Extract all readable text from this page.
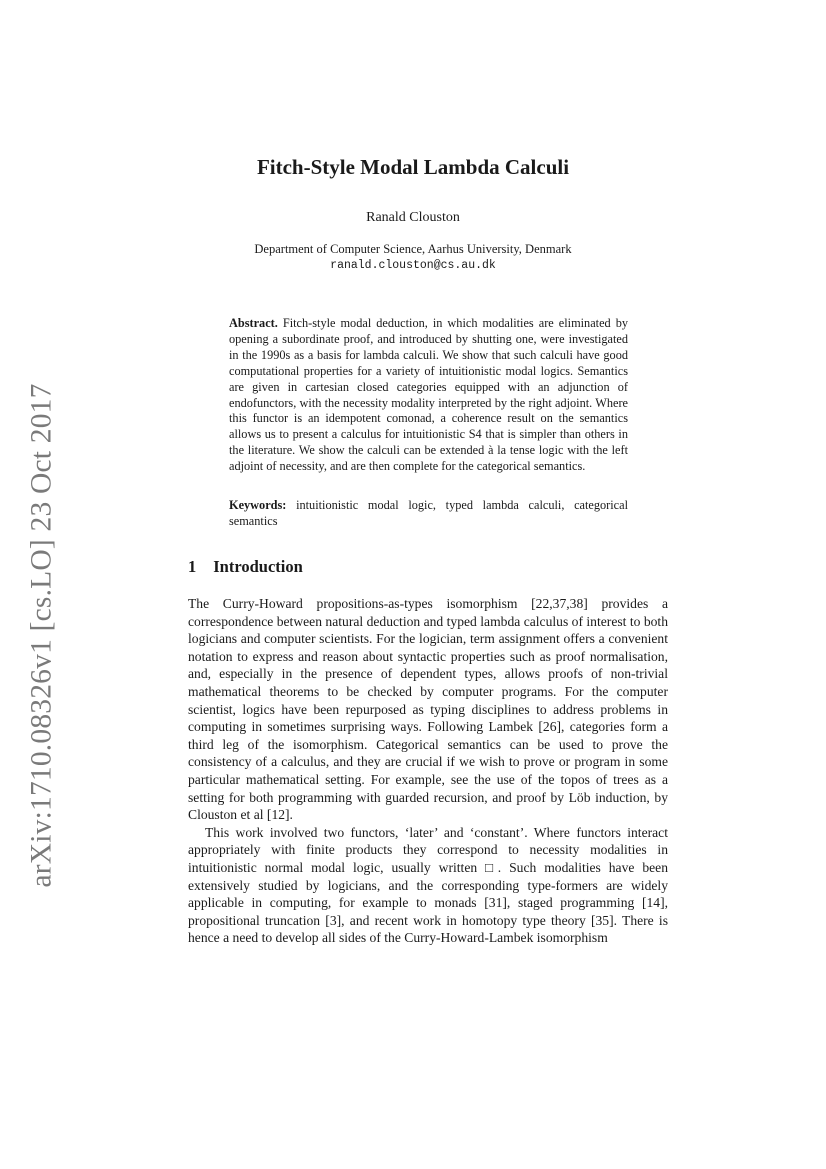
arXiv:1710.08326v1 [cs.LO] 23 Oct 2017
Fitch-Style Modal Lambda Calculi
Ranald Clouston
Department of Computer Science, Aarhus University, Denmark
ranald.clouston@cs.au.dk

Abstract. Fitch-style modal deduction, in which modalities are eliminated by opening a subordinate proof, and introduced by shutting one, were investigated in the 1990s as a basis for lambda calculi. We show that such calculi have good computational properties for a variety of intuitionistic modal logics. Semantics are given in cartesian closed categories equipped with an adjunction of endofunctors, with the necessity modality interpreted by the right adjoint. Where this functor is an idempotent comonad, a coherence result on the semantics allows us to present a calculus for intuitionistic S4 that is simpler than others in the literature. We show the calculi can be extended à la tense logic with the left adjoint of necessity, and are then complete for the categorical semantics.

Keywords: intuitionistic modal logic, typed lambda calculi, categorical semantics

1 Introduction

The Curry-Howard propositions-as-types isomorphism [22,37,38] provides a correspondence between natural deduction and typed lambda calculus of interest to both logicians and computer scientists. For the logician, term assignment offers a convenient notation to express and reason about syntactic properties such as proof normalisation, and, especially in the presence of dependent types, allows proofs of non-trivial mathematical theorems to be checked by computer programs. For the computer scientist, logics have been repurposed as typing disciplines to address problems in computing in sometimes surprising ways. Following Lambek [26], categories form a third leg of the isomorphism. Categorical semantics can be used to prove the consistency of a calculus, and they are crucial if we wish to prove or program in some particular mathematical setting. For example, see the use of the topos of trees as a setting for both programming with guarded recursion, and proof by Löb induction, by Clouston et al [12].

This work involved two functors, ‘later’ and ‘constant’. Where functors interact appropriately with finite products they correspond to necessity modalities in intuitionistic normal modal logic, usually written □. Such modalities have been extensively studied by logicians, and the corresponding type-formers are widely applicable in computing, for example to monads [31], staged programming [14], propositional truncation [3], and recent work in homotopy type theory [35]. There is hence a need to develop all sides of the Curry-Howard-Lambek isomorphism
